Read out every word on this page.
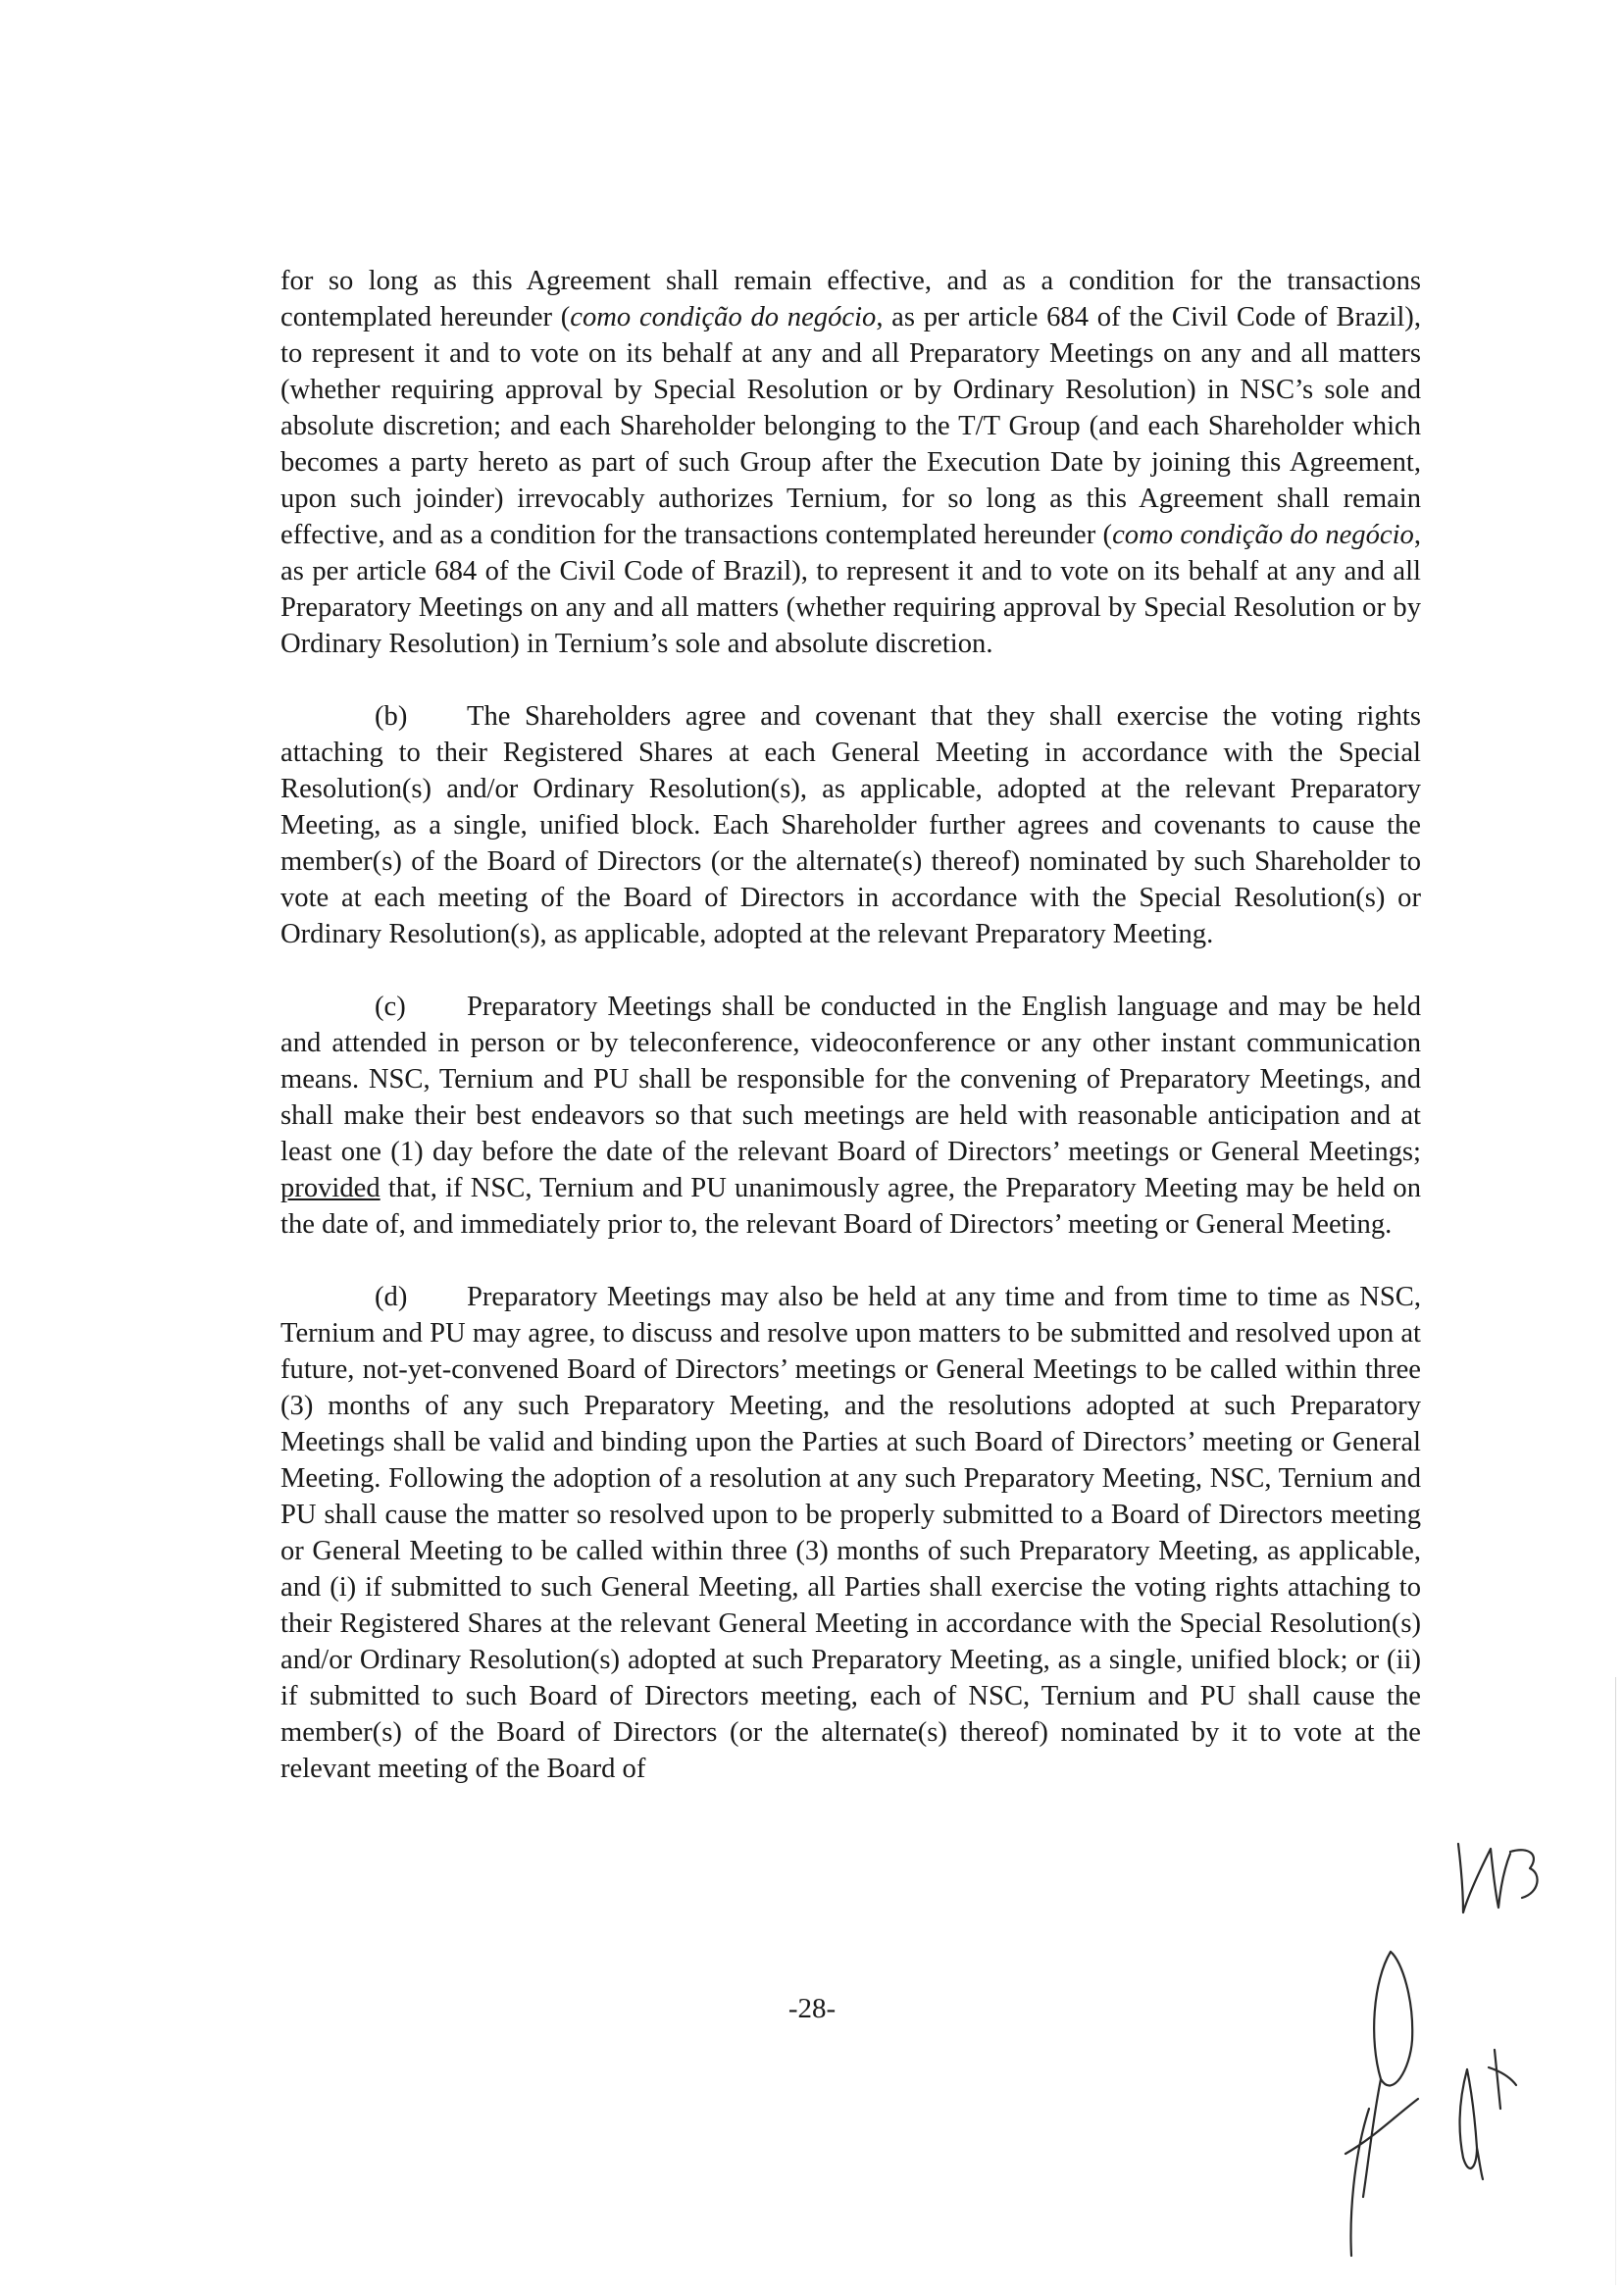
for so long as this Agreement shall remain effective, and as a condition for the transactions contemplated hereunder (como condição do negócio, as per article 684 of the Civil Code of Brazil), to represent it and to vote on its behalf at any and all Preparatory Meetings on any and all matters (whether requiring approval by Special Resolution or by Ordinary Resolution) in NSC’s sole and absolute discretion; and each Shareholder belonging to the T/T Group (and each Shareholder which becomes a party hereto as part of such Group after the Execution Date by joining this Agreement, upon such joinder) irrevocably authorizes Ternium, for so long as this Agreement shall remain effective, and as a condition for the transactions contemplated hereunder (como condição do negócio, as per article 684 of the Civil Code of Brazil), to represent it and to vote on its behalf at any and all Preparatory Meetings on any and all matters (whether requiring approval by Special Resolution or by Ordinary Resolution) in Ternium’s sole and absolute discretion.

(b) The Shareholders agree and covenant that they shall exercise the voting rights attaching to their Registered Shares at each General Meeting in accordance with the Special Resolution(s) and/or Ordinary Resolution(s), as applicable, adopted at the relevant Preparatory Meeting, as a single, unified block. Each Shareholder further agrees and covenants to cause the member(s) of the Board of Directors (or the alternate(s) thereof) nominated by such Shareholder to vote at each meeting of the Board of Directors in accordance with the Special Resolution(s) or Ordinary Resolution(s), as applicable, adopted at the relevant Preparatory Meeting.

(c) Preparatory Meetings shall be conducted in the English language and may be held and attended in person or by teleconference, videoconference or any other instant communication means. NSC, Ternium and PU shall be responsible for the convening of Preparatory Meetings, and shall make their best endeavors so that such meetings are held with reasonable anticipation and at least one (1) day before the date of the relevant Board of Directors’ meetings or General Meetings; provided that, if NSC, Ternium and PU unanimously agree, the Preparatory Meeting may be held on the date of, and immediately prior to, the relevant Board of Directors’ meeting or General Meeting.

(d) Preparatory Meetings may also be held at any time and from time to time as NSC, Ternium and PU may agree, to discuss and resolve upon matters to be submitted and resolved upon at future, not-yet-convened Board of Directors’ meetings or General Meetings to be called within three (3) months of any such Preparatory Meeting, and the resolutions adopted at such Preparatory Meetings shall be valid and binding upon the Parties at such Board of Directors’ meeting or General Meeting. Following the adoption of a resolution at any such Preparatory Meeting, NSC, Ternium and PU shall cause the matter so resolved upon to be properly submitted to a Board of Directors meeting or General Meeting to be called within three (3) months of such Preparatory Meeting, as applicable, and (i) if submitted to such General Meeting, all Parties shall exercise the voting rights attaching to their Registered Shares at the relevant General Meeting in accordance with the Special Resolution(s) and/or Ordinary Resolution(s) adopted at such Preparatory Meeting, as a single, unified block; or (ii) if submitted to such Board of Directors meeting, each of NSC, Ternium and PU shall cause the member(s) of the Board of Directors (or the alternate(s) thereof) nominated by it to vote at the relevant meeting of the Board of

-28-
